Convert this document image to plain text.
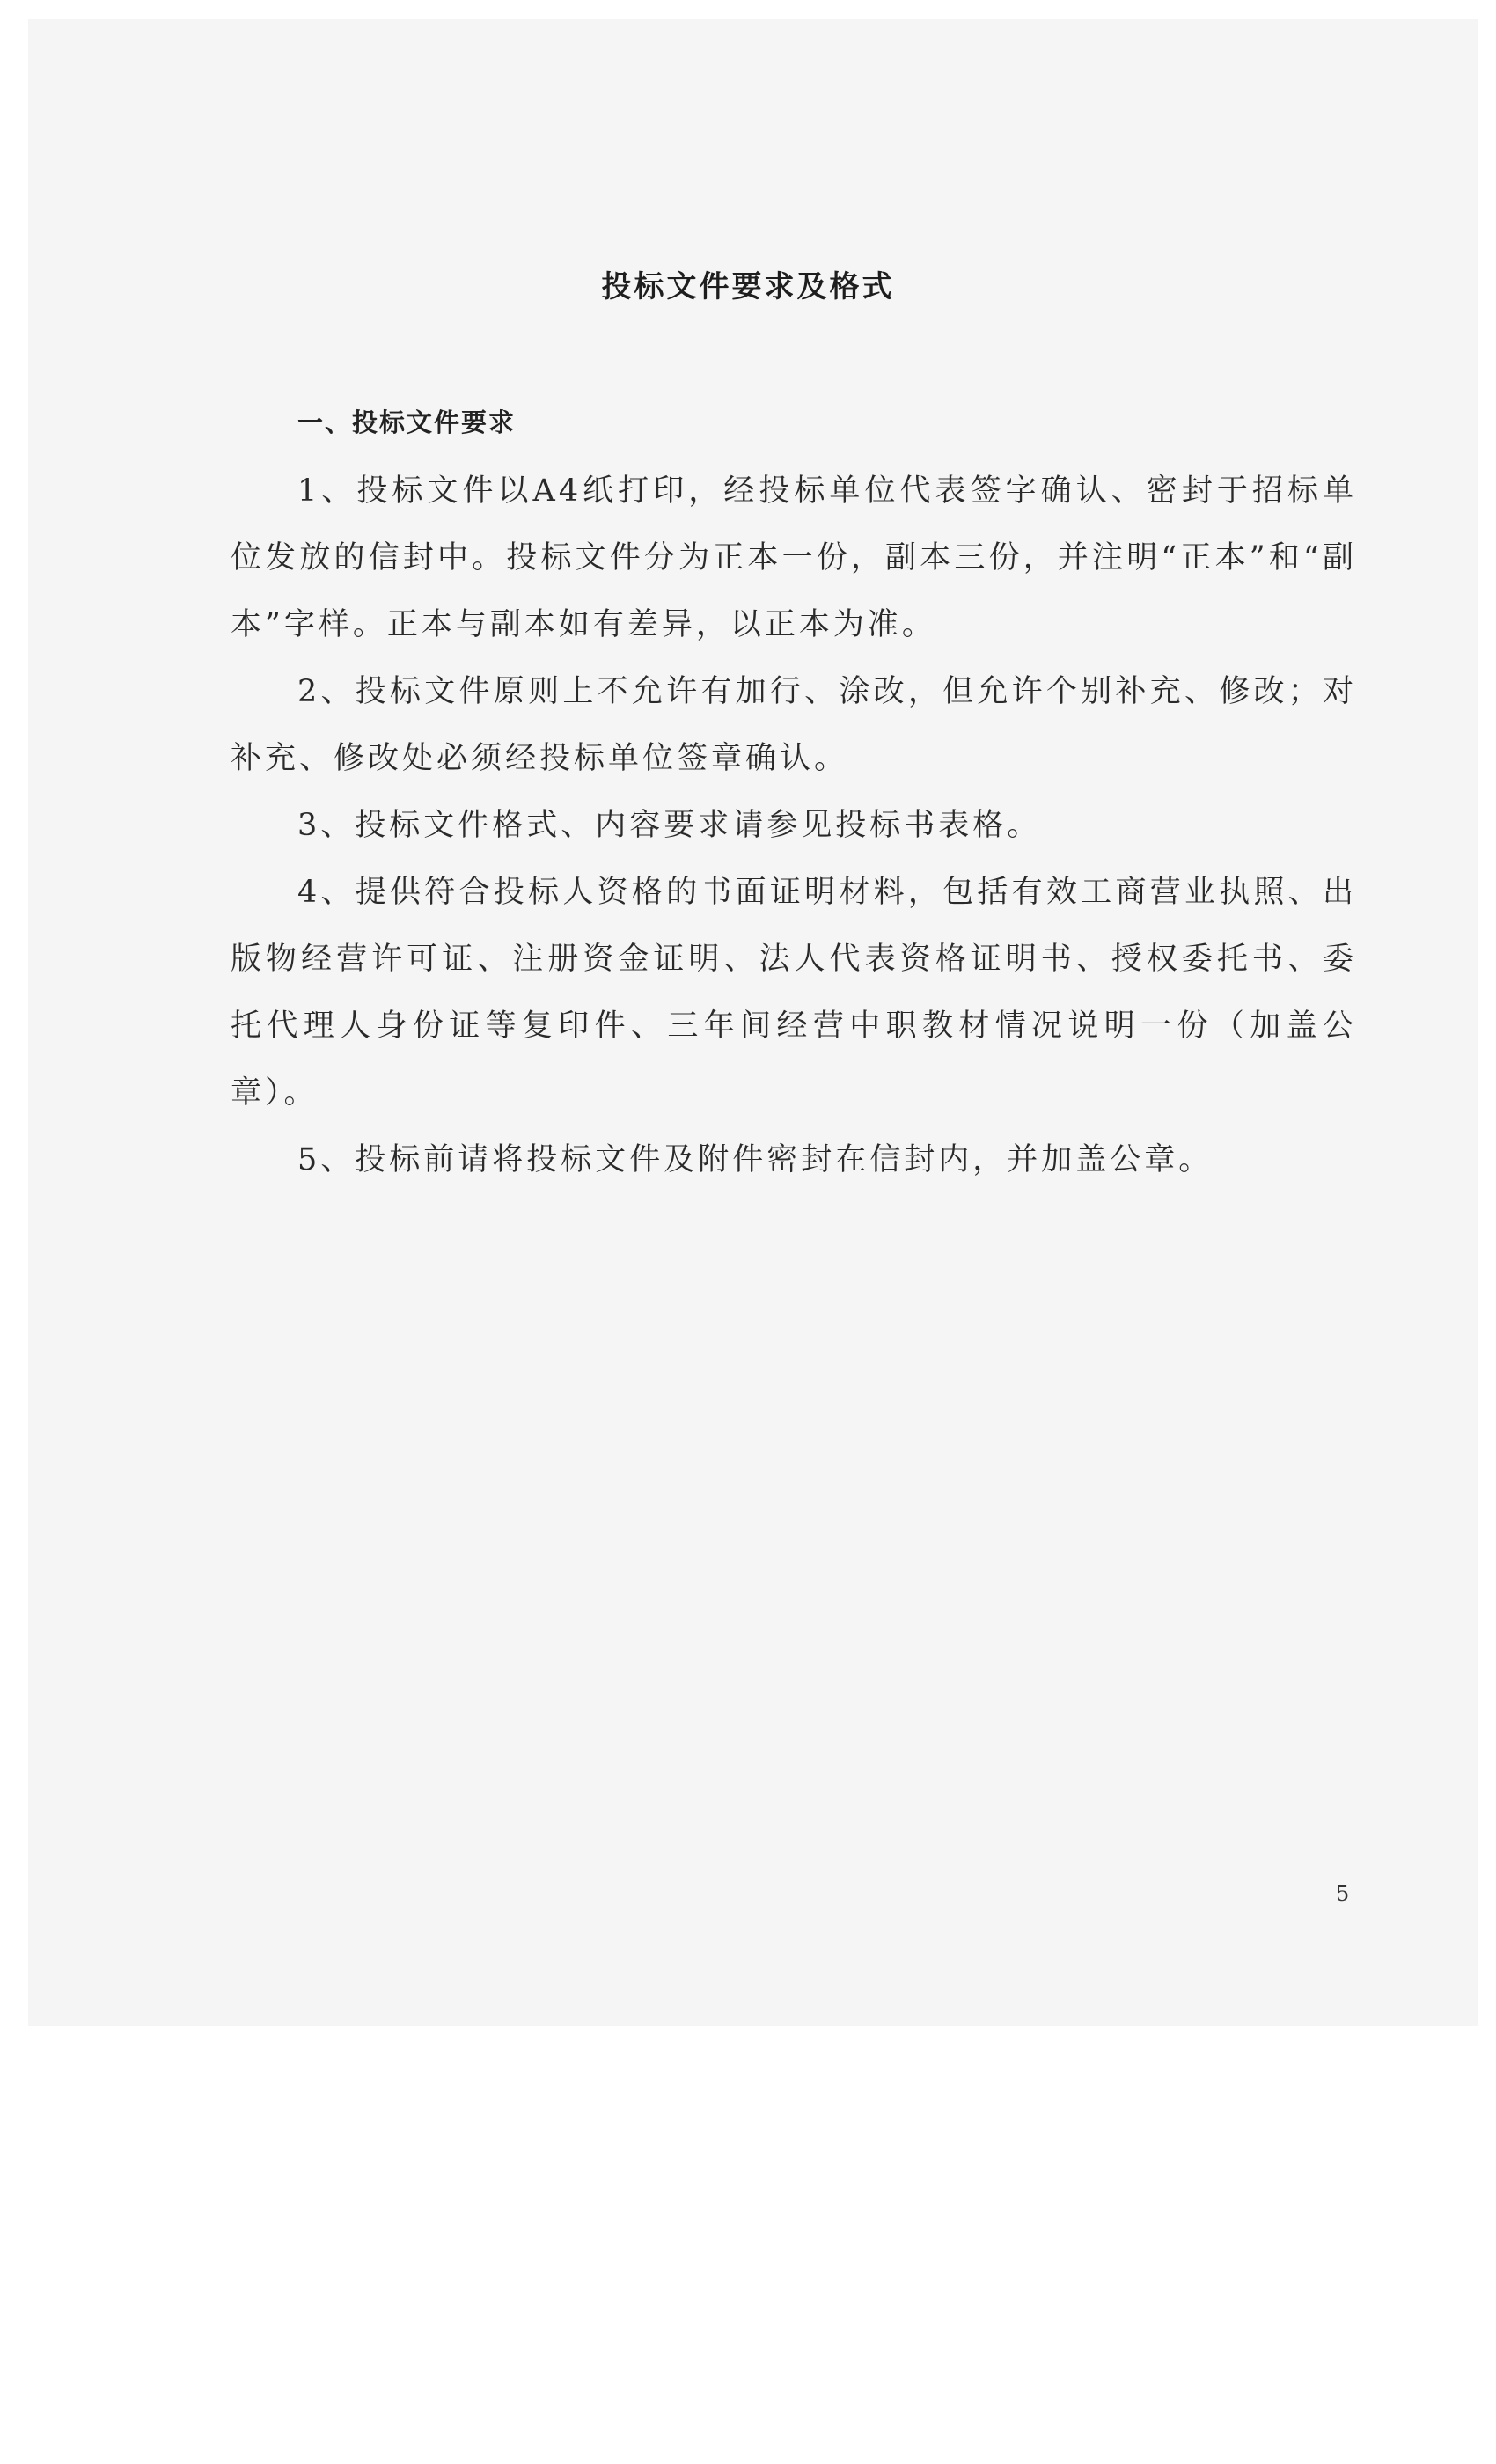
投标文件要求及格式
一、投标文件要求

1、投标文件以A4纸打印，经投标单位代表签字确认、密封于招标单位发放的信封中。投标文件分为正本一份，副本三份，并注明“正本”和“副本”字样。正本与副本如有差异，以正本为准。

2、投标文件原则上不允许有加行、涂改，但允许个别补充、修改；对补充、修改处必须经投标单位签章确认。

3、投标文件格式、内容要求请参见投标书表格。

4、提供符合投标人资格的书面证明材料，包括有效工商营业执照、出版物经营许可证、注册资金证明、法人代表资格证明书、授权委托书、委托代理人身份证等复印件、三年间经营中职教材情况说明一份（加盖公章）。

5、投标前请将投标文件及附件密封在信封内，并加盖公章。

5
